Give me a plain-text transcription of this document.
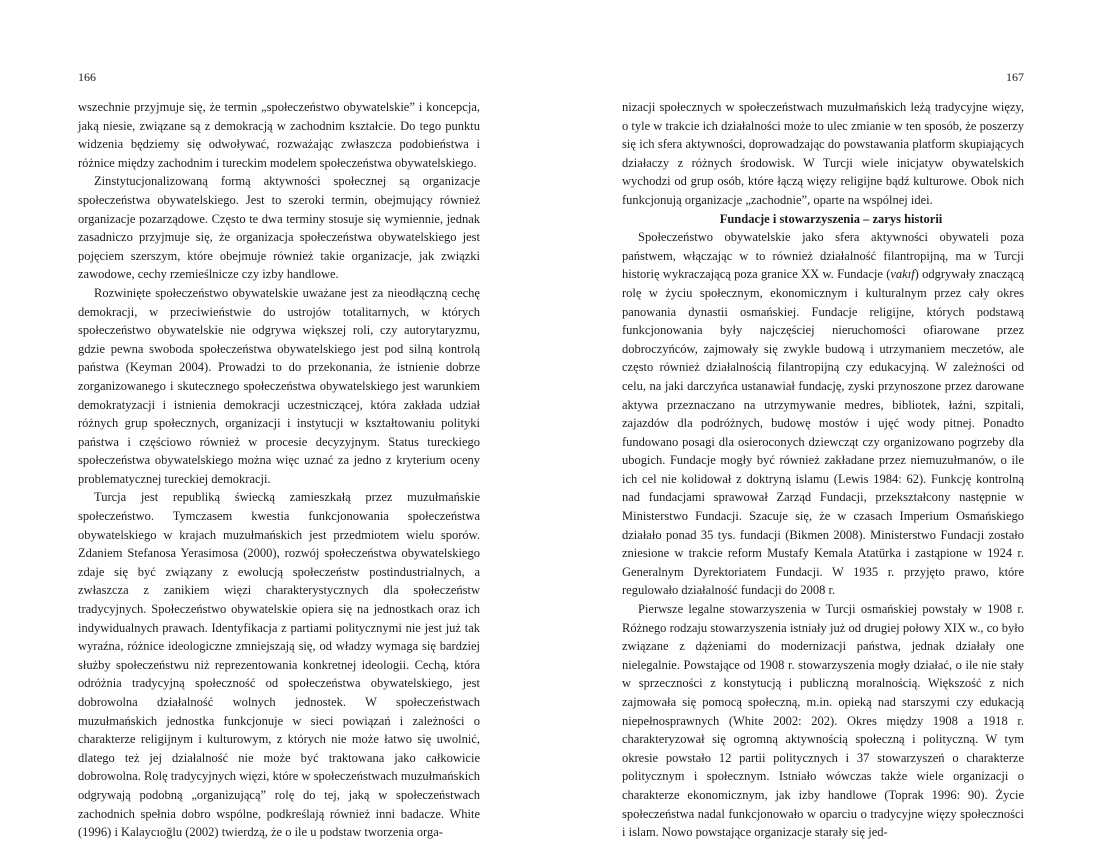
166

wszechnie przyjmuje się, że termin „społeczeństwo obywatelskie” i koncepcja, jaką niesie, związane są z demokracją w zachodnim kształcie. Do tego punktu widzenia będziemy się odwoływać, rozważając zwłaszcza podobieństwa i różnice między zachodnim i tureckim modelem społeczeństwa obywatelskiego.

Zinstytucjonalizowaną formą aktywności społecznej są organizacje społeczeństwa obywatelskiego. Jest to szeroki termin, obejmujący również organizacje pozarządowe. Często te dwa terminy stosuje się wymiennie, jednak zasadniczo przyjmuje się, że organizacja społeczeństwa obywatelskiego jest pojęciem szerszym, które obejmuje również takie organizacje, jak związki zawodowe, cechy rzemieślnicze czy izby handlowe.

Rozwinięte społeczeństwo obywatelskie uważane jest za nieodłączną cechę demokracji, w przeciwieństwie do ustrojów totalitarnych, w których społeczeństwo obywatelskie nie odgrywa większej roli, czy autorytaryzmu, gdzie pewna swoboda społeczeństwa obywatelskiego jest pod silną kontrolą państwa (Keyman 2004). Prowadzi to do przekonania, że istnienie dobrze zorganizowanego i skutecznego społeczeństwa obywatelskiego jest warunkiem demokratyzacji i istnienia demokracji uczestniczącej, która zakłada udział różnych grup społecznych, organizacji i instytucji w kształtowaniu polityki państwa i częściowo również w procesie decyzyjnym. Status tureckiego społeczeństwa obywatelskiego można więc uznać za jedno z kryterium oceny problematycznej tureckiej demokracji.

Turcja jest republiką świecką zamieszkałą przez muzułmańskie społeczeństwo. Tymczasem kwestia funkcjonowania społeczeństwa obywatelskiego w krajach muzułmańskich jest przedmiotem wielu sporów. Zdaniem Stefanosa Yerasimosa (2000), rozwój społeczeństwa obywatelskiego zdaje się być związany z ewolucją społeczeństw postindustrialnych, a zwłaszcza z zanikiem więzi charakterystycznych dla społeczeństw tradycyjnych. Społeczeństwo obywatelskie opiera się na jednostkach oraz ich indywidualnych prawach. Identyfikacja z partiami politycznymi nie jest już tak wyraźna, różnice ideologiczne zmniejszają się, od władzy wymaga się bardziej służby społeczeństwu niż reprezentowania konkretnej ideologii. Cechą, która odróżnia tradycyjną społeczność od społeczeństwa obywatelskiego, jest dobrowolna działalność wolnych jednostek. W społeczeństwach muzułmańskich jednostka funkcjonuje w sieci powiązań i zależności o charakterze religijnym i kulturowym, z których nie może łatwo się uwolnić, dlatego też jej działalność nie może być traktowana jako całkowicie dobrowolna. Rolę tradycyjnych więzi, które w społeczeństwach muzułmańskich odgrywają podobną „organizującą” rolę do tej, jaką w społeczeństwach zachodnich spełnia dobro wspólne, podkreślają również inni badacze. White (1996) i Kalaycıoğlu (2002) twierdzą, że o ile u podstaw tworzenia orga-

167

nizacji społecznych w społeczeństwach muzułmańskich leżą tradycyjne więzy, o tyle w trakcie ich działalności może to ulec zmianie w ten sposób, że poszerzy się ich sfera aktywności, doprowadzając do powstawania platform skupiających działaczy z różnych środowisk. W Turcji wiele inicjatyw obywatelskich wychodzi od grup osób, które łączą więzy religijne bądź kulturowe. Obok nich funkcjonują organizacje „zachodnie”, oparte na wspólnej idei.

Fundacje i stowarzyszenia – zarys historii

Społeczeństwo obywatelskie jako sfera aktywności obywateli poza państwem, włączając w to również działalność filantropijną, ma w Turcji historię wykraczającą poza granice XX w. Fundacje (vakıf) odgrywały znaczącą rolę w życiu społecznym, ekonomicznym i kulturalnym przez cały okres panowania dynastii osmańskiej. Fundacje religijne, których podstawą funkcjonowania były najczęściej nieruchomości ofiarowane przez dobroczyńców, zajmowały się zwykle budową i utrzymaniem meczetów, ale często również działalnością filantropijną czy edukacyjną. W zależności od celu, na jaki darczyńca ustanawiał fundację, zyski przynoszone przez darowane aktywa przeznaczano na utrzymywanie medres, bibliotek, łaźni, szpitali, zajazdów dla podróżnych, budowę mostów i ujęć wody pitnej. Ponadto fundowano posagi dla osieroconych dziewcząt czy organizowano pogrzeby dla ubogich. Fundacje mogły być również zakładane przez niemuzułmanów, o ile ich cel nie kolidował z doktryną islamu (Lewis 1984: 62). Funkcję kontrolną nad fundacjami sprawował Zarząd Fundacji, przekształcony następnie w Ministerstwo Fundacji. Szacuje się, że w czasach Imperium Osmańskiego działało ponad 35 tys. fundacji (Bikmen 2008). Ministerstwo Fundacji zostało zniesione w trakcie reform Mustafy Kemala Atatürka i zastąpione w 1924 r. Generalnym Dyrektoriatem Fundacji. W 1935 r. przyjęto prawo, które regulowało działalność fundacji do 2008 r.

Pierwsze legalne stowarzyszenia w Turcji osmańskiej powstały w 1908 r. Różnego rodzaju stowarzyszenia istniały już od drugiej połowy XIX w., co było związane z dążeniami do modernizacji państwa, jednak działały one nielegalnie. Powstające od 1908 r. stowarzyszenia mogły działać, o ile nie stały w sprzeczności z konstytucją i publiczną moralnością. Większość z nich zajmowała się pomocą społeczną, m.in. opieką nad starszymi czy edukacją niepełnosprawnych (White 2002: 202). Okres między 1908 a 1918 r. charakteryzował się ogromną aktywnością społeczną i polityczną. W tym okresie powstało 12 partii politycznych i 37 stowarzyszeń o charakterze politycznym i społecznym. Istniało wówczas także wiele organizacji o charakterze ekonomicznym, jak izby handlowe (Toprak 1996: 90). Życie społeczeństwa nadal funkcjonowało w oparciu o tradycyjne więzy społeczności i islam. Nowo powstające organizacje starały się jed-
